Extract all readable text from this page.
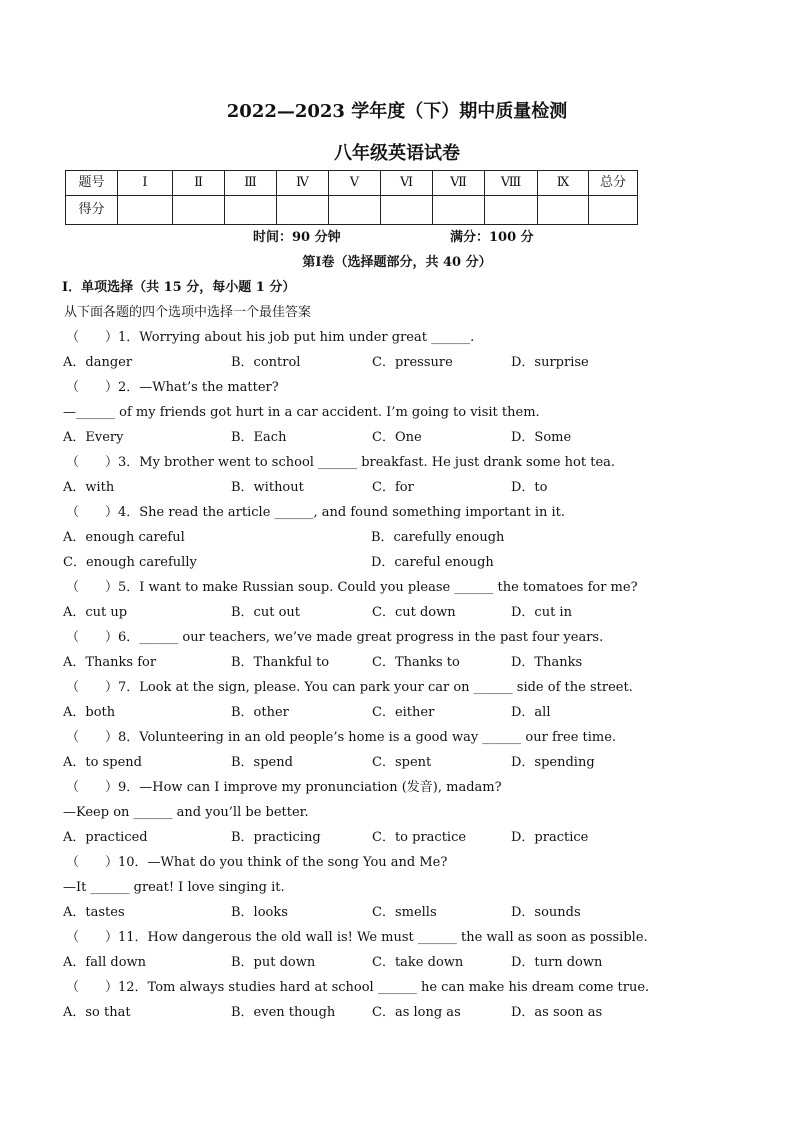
2022—2023 学年度（下）期中质量检测
八年级英语试卷
题号	Ⅰ	Ⅱ	Ⅲ	Ⅳ	Ⅴ	Ⅵ	Ⅶ	Ⅷ	Ⅸ	总分
得分										
时间：90 分钟	满分：100 分
第Ⅰ卷（选择题部分，共 40 分）
Ⅰ．单项选择（共 15 分，每小题 1 分）
从下面各题的四个选项中选择一个最佳答案
（　　）1．Worrying about his job put him under great ______.
A．danger	B．control	C．pressure	D．surprise
（　　）2．—What’s the matter?
—______ of my friends got hurt in a car accident. I’m going to visit them.
A．Every	B．Each	C．One	D．Some
（　　）3．My brother went to school ______ breakfast. He just drank some hot tea.
A．with	B．without	C．for	D．to
（　　）4．She read the article ______, and found something important in it.
A．enough careful	B．carefully enough
C．enough carefully	D．careful enough
（　　）5．I want to make Russian soup. Could you please ______ the tomatoes for me?
A．cut up	B．cut out	C．cut down	D．cut in
（　　）6．______ our teachers, we’ve made great progress in the past four years.
A．Thanks for	B．Thankful to	C．Thanks to	D．Thanks
（　　）7．Look at the sign, please. You can park your car on ______ side of the street.
A．both	B．other	C．either	D．all
（　　）8．Volunteering in an old people’s home is a good way ______ our free time.
A．to spend	B．spend	C．spent	D．spending
（　　）9．—How can I improve my pronunciation (发音), madam?
—Keep on ______ and you’ll be better.
A．practiced	B．practicing	C．to practice	D．practice
（　　）10．—What do you think of the song You and Me?
—It ______ great! I love singing it.
A．tastes	B．looks	C．smells	D．sounds
（　　）11．How dangerous the old wall is! We must ______ the wall as soon as possible.
A．fall down	B．put down	C．take down	D．turn down
（　　）12．Tom always studies hard at school ______ he can make his dream come true.
A．so that	B．even though	C．as long as	D．as soon as
